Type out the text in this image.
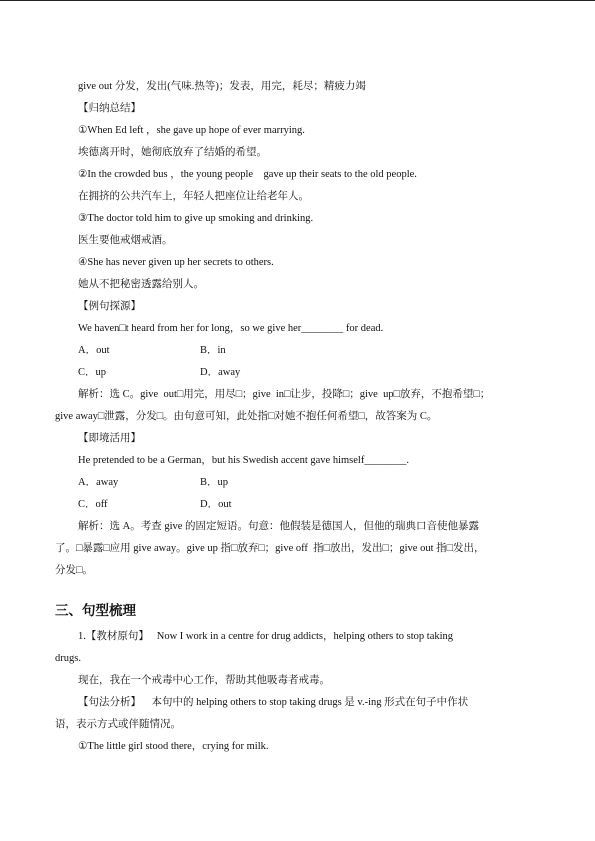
give out 分发，发出(气味.热等)；发表，用完，耗尽；精疲力竭
【归纳总结】
①When Ed left ，she gave up hope of ever marrying.
埃德离开时，她彻底放弃了结婚的希望。
②In the crowded bus ，the young people    gave up their seats to the old people.
在拥挤的公共汽车上，年轻人把座位让给老年人。
③The doctor told him to give up smoking and drinking.
医生要他戒烟戒酒。
④She has never given up her secrets to others.
她从不把秘密透露给别人。
【例句探源】
We haven□t heard from her for long，so we give her________ for dead.
A．out	B．in
C．up	D．away
解析：选 C。give  out□用完，用尽□；give  in□让步，投降□；give  up□放弃，不抱希望□；
give away□泄露，分发□。由句意可知，此处指□对她不抱任何希望□，故答案为 C。
【即境活用】
He pretended to be a German，but his Swedish accent gave himself________.
A．away	B．up
C．off	D．out
解析：选 A。考查 give 的固定短语。句意：他假装是德国人，但他的瑞典口音使他暴露
了。□暴露□应用 give away。give up 指□放弃□；give off  指□放出，发出□；give out 指□发出，
分发□。
三、句型梳理
1.【教材原句】   Now I work in a centre for drug addicts，helping others to stop taking
drugs.
现在，我在一个戒毒中心工作，帮助其他吸毒者戒毒。
【句法分析】    本句中的 helping others to stop taking drugs 是 v.-ing 形式在句子中作状
语，表示方式或伴随情况。
①The little girl stood there，crying for milk.
